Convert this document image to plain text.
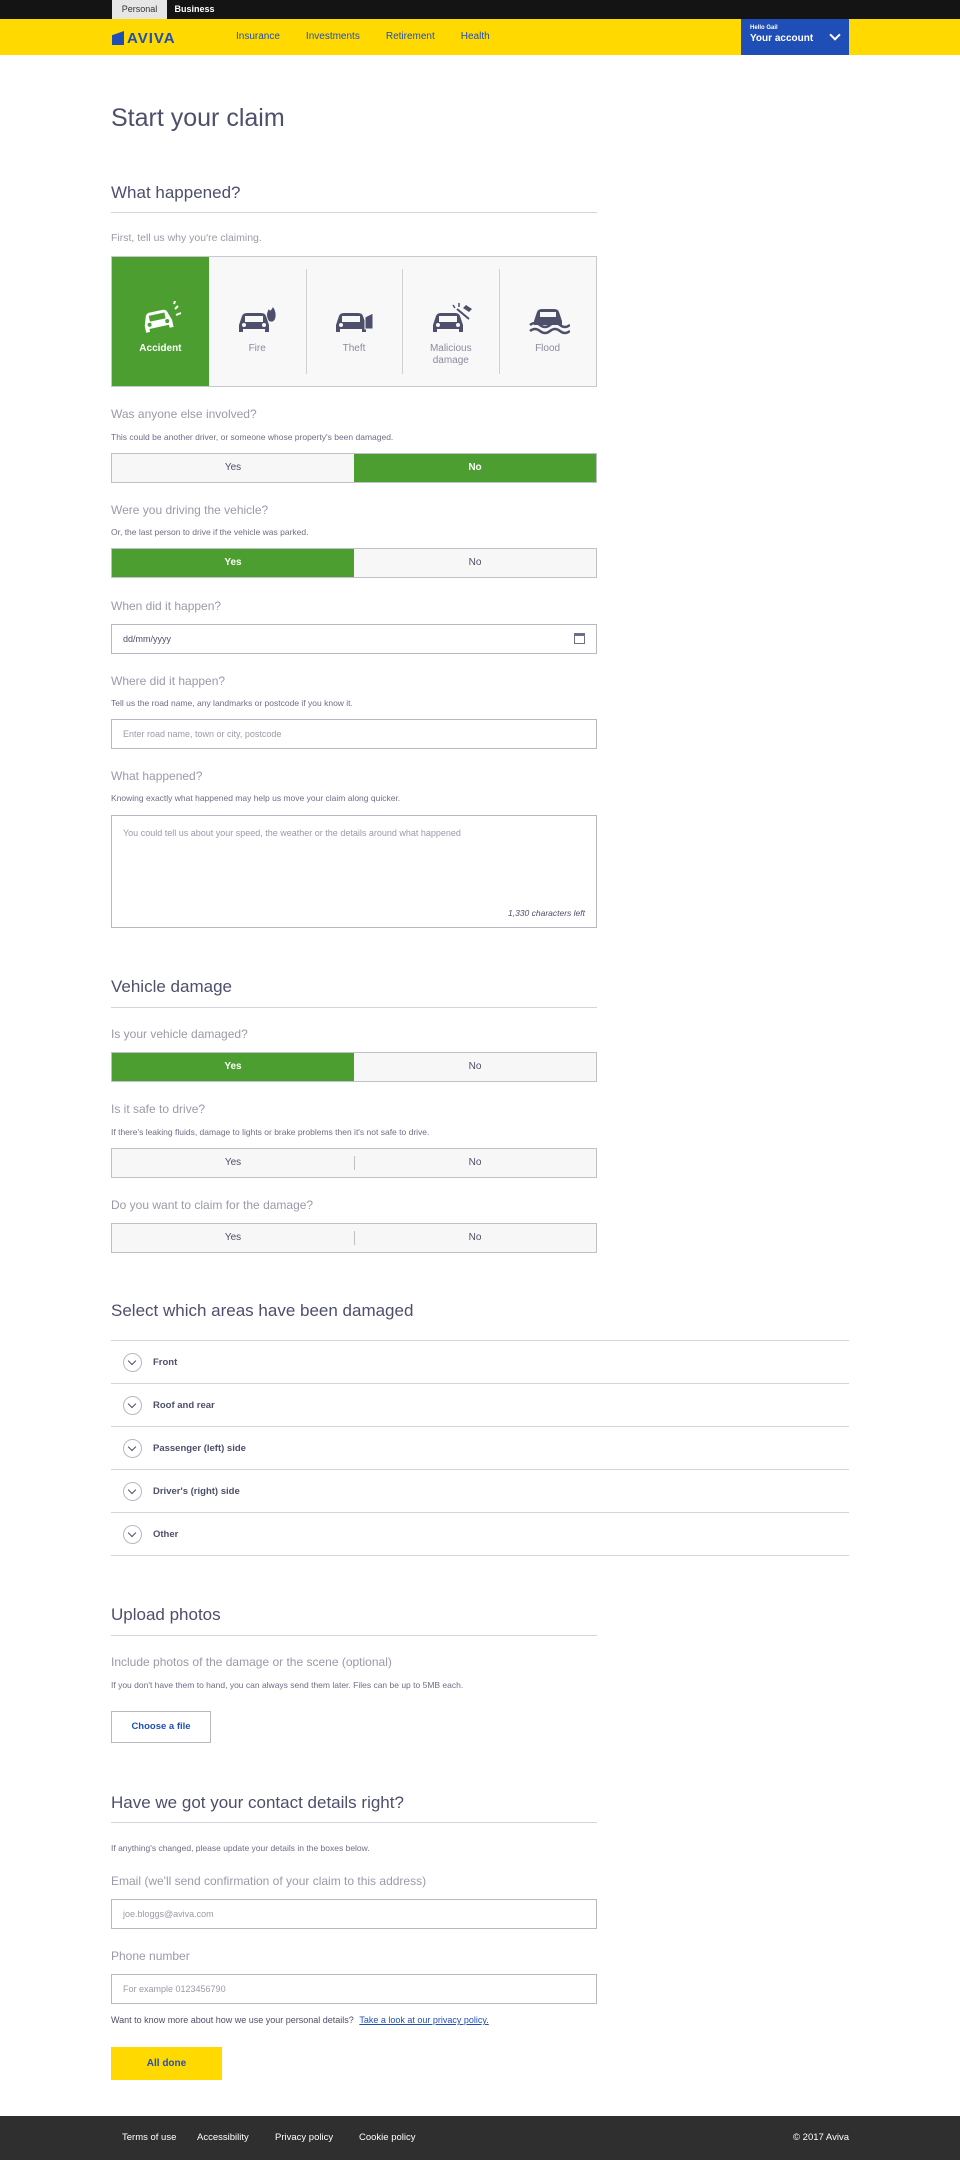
Personal	Business
AVIVA	Insurance	Investments	Retirement	Health
Hello Gail
Your account
Start your claim
What happened?
First, tell us why you're claiming.
Accident	Fire	Theft	Malicious damage
Flood
Was anyone else involved?
This could be another driver, or someone whose property's been damaged.
Yes	No
Were you driving the vehicle?
Or, the last person to drive if the vehicle was parked.
Yes	No
When did it happen?
dd/mm/yyyy
Where did it happen?
Tell us the road name, any landmarks or postcode if you know it.
Enter road name, town or city, postcode
What happened?
Knowing exactly what happened may help us move your claim along quicker.
You could tell us about your speed, the weather or the details around what happened
1,330 characters left
Vehicle damage
Is your vehicle damaged?
Yes	No
Is it safe to drive?
If there's leaking fluids, damage to lights or brake problems then it's not safe to drive.
Yes	No
Do you want to claim for the damage?
Yes	No
Select which areas have been damaged
Front
Roof and rear
Passenger (left) side
Driver's (right) side
Other
Upload photos
Include photos of the damage or the scene (optional)
If you don't have them to hand, you can always send them later. Files can be up to 5MB each.
Choose a file
Have we got your contact details right?
If anything's changed, please update your details in the boxes below.
Email (we'll send confirmation of your claim to this address)
joe.bloggs@aviva.com
Phone number
For example 0123456790
Want to know more about how we use your personal details? Take a look at our privacy policy.
All done
Terms of use Accessibility	Privacy policy	Cookie policy	© 2017 Aviva
